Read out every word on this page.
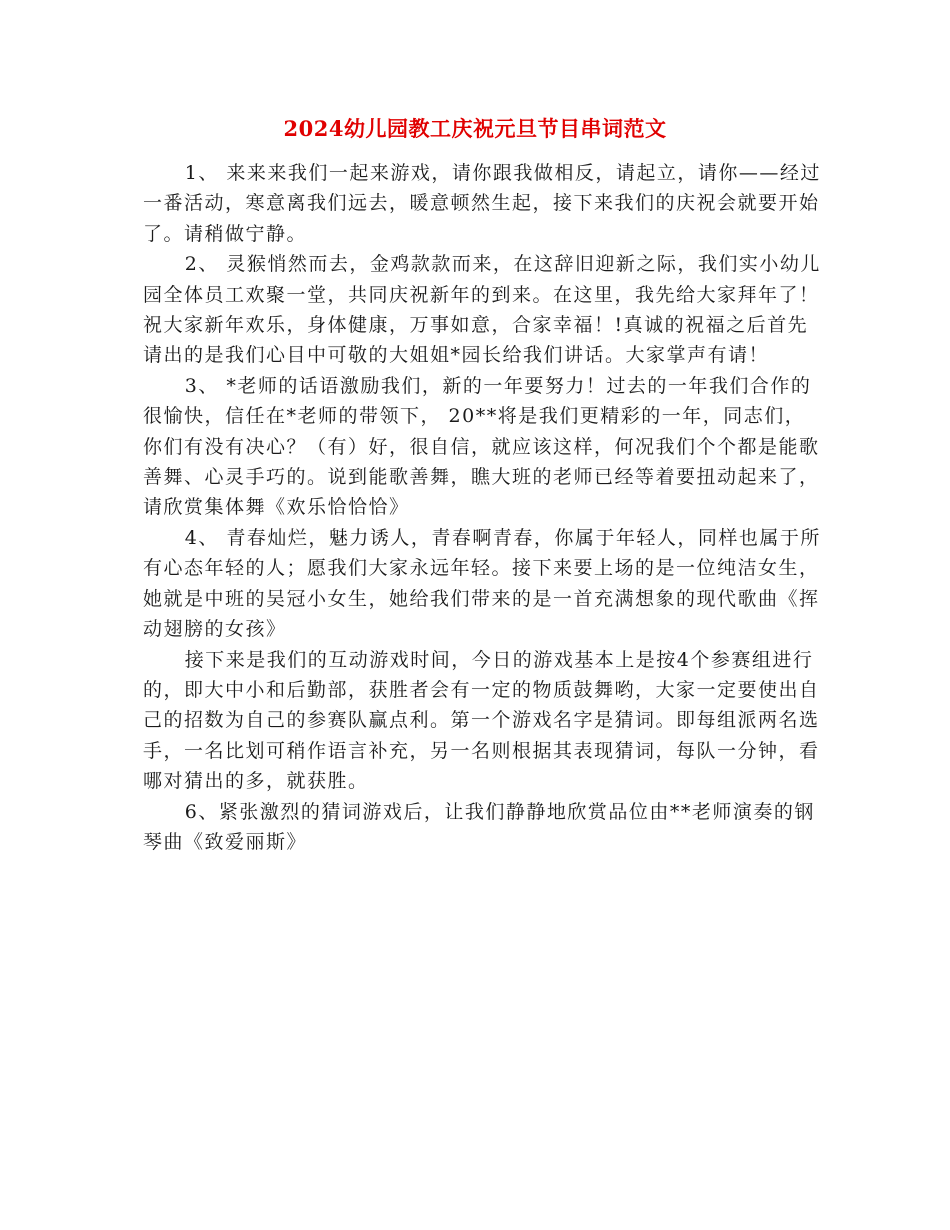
2024幼儿园教工庆祝元旦节目串词范文

1、 来来来我们一起来游戏，请你跟我做相反，请起立，请你——经过一番活动，寒意离我们远去，暖意顿然生起，接下来我们的庆祝会就要开始了。请稍做宁静。

2、 灵猴悄然而去，金鸡款款而来，在这辞旧迎新之际，我们实小幼儿园全体员工欢聚一堂，共同庆祝新年的到来。在这里，我先给大家拜年了！祝大家新年欢乐，身体健康，万事如意，合家幸福！!真诚的祝福之后首先请出的是我们心目中可敬的大姐姐*园长给我们讲话。大家掌声有请！

3、 *老师的话语激励我们，新的一年要努力！过去的一年我们合作的很愉快，信任在*老师的带领下， 20**将是我们更精彩的一年，同志们，你们有没有决心？（有）好，很自信，就应该这样，何况我们个个都是能歌善舞、心灵手巧的。说到能歌善舞，瞧大班的老师已经等着要扭动起来了，请欣赏集体舞《欢乐恰恰恰》

4、 青春灿烂，魅力诱人，青春啊青春，你属于年轻人，同样也属于所有心态年轻的人；愿我们大家永远年轻。接下来要上场的是一位纯洁女生，她就是中班的吴冠小女生，她给我们带来的是一首充满想象的现代歌曲《挥动翅膀的女孩》

接下来是我们的互动游戏时间，今日的游戏基本上是按4个参赛组进行的，即大中小和后勤部，获胜者会有一定的物质鼓舞哟，大家一定要使出自己的招数为自己的参赛队赢点利。第一个游戏名字是猜词。即每组派两名选手，一名比划可稍作语言补充，另一名则根据其表现猜词，每队一分钟，看哪对猜出的多，就获胜。

6、紧张激烈的猜词游戏后，让我们静静地欣赏品位由**老师演奏的钢琴曲《致爱丽斯》
